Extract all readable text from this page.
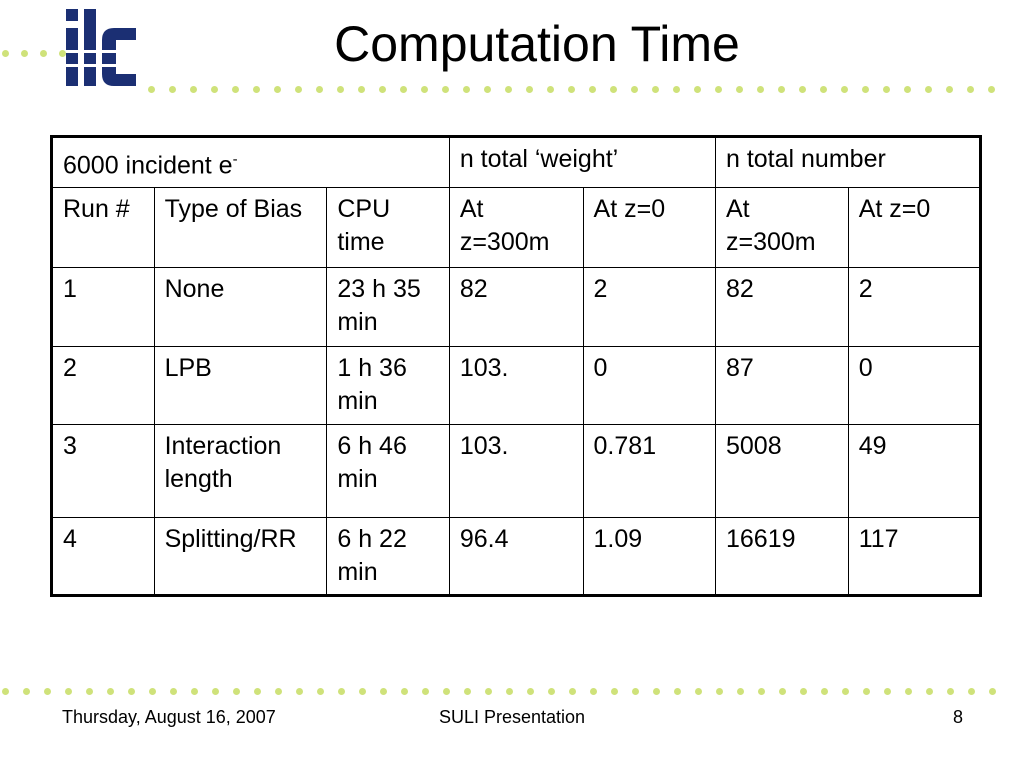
Computation Time
6000 incident e-			n total ‘weight’		n total number	
Run #	Type of Bias	CPU time	At z=300m	At z=0	At z=300m	At z=0
1	None	23 h 35 min	82	2	82	2
2	LPB	1 h 36 min	103.	0	87	0
3	Interaction length	6 h 46 min	103.	0.781	5008	49
4	Splitting/RR	6 h 22 min	96.4	1.09	16619	117
Thursday, August 16, 2007	SULI Presentation	8
